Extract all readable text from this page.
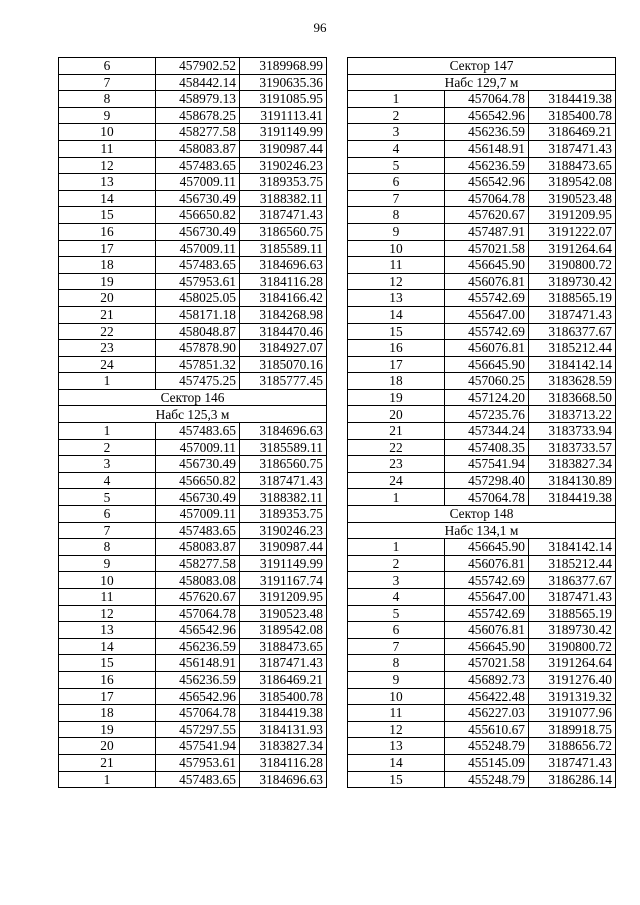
96
6	457902.52	3189968.99
7	458442.14	3190635.36
8	458979.13	3191085.95
9	458678.25	3191113.41
10	458277.58	3191149.99
11	458083.87	3190987.44
12	457483.65	3190246.23
13	457009.11	3189353.75
14	456730.49	3188382.11
15	456650.82	3187471.43
16	456730.49	3186560.75
17	457009.11	3185589.11
18	457483.65	3184696.63
19	457953.61	3184116.28
20	458025.05	3184166.42
21	458171.18	3184268.98
22	458048.87	3184470.46
23	457878.90	3184927.07
24	457851.32	3185070.16
1	457475.25	3185777.45
Сектор 146		
Набс 125,3 м		
1	457483.65	3184696.63
2	457009.11	3185589.11
3	456730.49	3186560.75
4	456650.82	3187471.43
5	456730.49	3188382.11
6	457009.11	3189353.75
7	457483.65	3190246.23
8	458083.87	3190987.44
9	458277.58	3191149.99
10	458083.08	3191167.74
11	457620.67	3191209.95
12	457064.78	3190523.48
13	456542.96	3189542.08
14	456236.59	3188473.65
15	456148.91	3187471.43
16	456236.59	3186469.21
17	456542.96	3185400.78
18	457064.78	3184419.38
19	457297.55	3184131.93
20	457541.94	3183827.34
21	457953.61	3184116.28
1	457483.65	3184696.63
Сектор 147		
Набс 129,7 м		
1	457064.78	3184419.38
2	456542.96	3185400.78
3	456236.59	3186469.21
4	456148.91	3187471.43
5	456236.59	3188473.65
6	456542.96	3189542.08
7	457064.78	3190523.48
8	457620.67	3191209.95
9	457487.91	3191222.07
10	457021.58	3191264.64
11	456645.90	3190800.72
12	456076.81	3189730.42
13	455742.69	3188565.19
14	455647.00	3187471.43
15	455742.69	3186377.67
16	456076.81	3185212.44
17	456645.90	3184142.14
18	457060.25	3183628.59
19	457124.20	3183668.50
20	457235.76	3183713.22
21	457344.24	3183733.94
22	457408.35	3183733.57
23	457541.94	3183827.34
24	457298.40	3184130.89
1	457064.78	3184419.38
Сектор 148		
Набс 134,1 м		
1	456645.90	3184142.14
2	456076.81	3185212.44
3	455742.69	3186377.67
4	455647.00	3187471.43
5	455742.69	3188565.19
6	456076.81	3189730.42
7	456645.90	3190800.72
8	457021.58	3191264.64
9	456892.73	3191276.40
10	456422.48	3191319.32
11	456227.03	3191077.96
12	455610.67	3189918.75
13	455248.79	3188656.72
14	455145.09	3187471.43
15	455248.79	3186286.14
